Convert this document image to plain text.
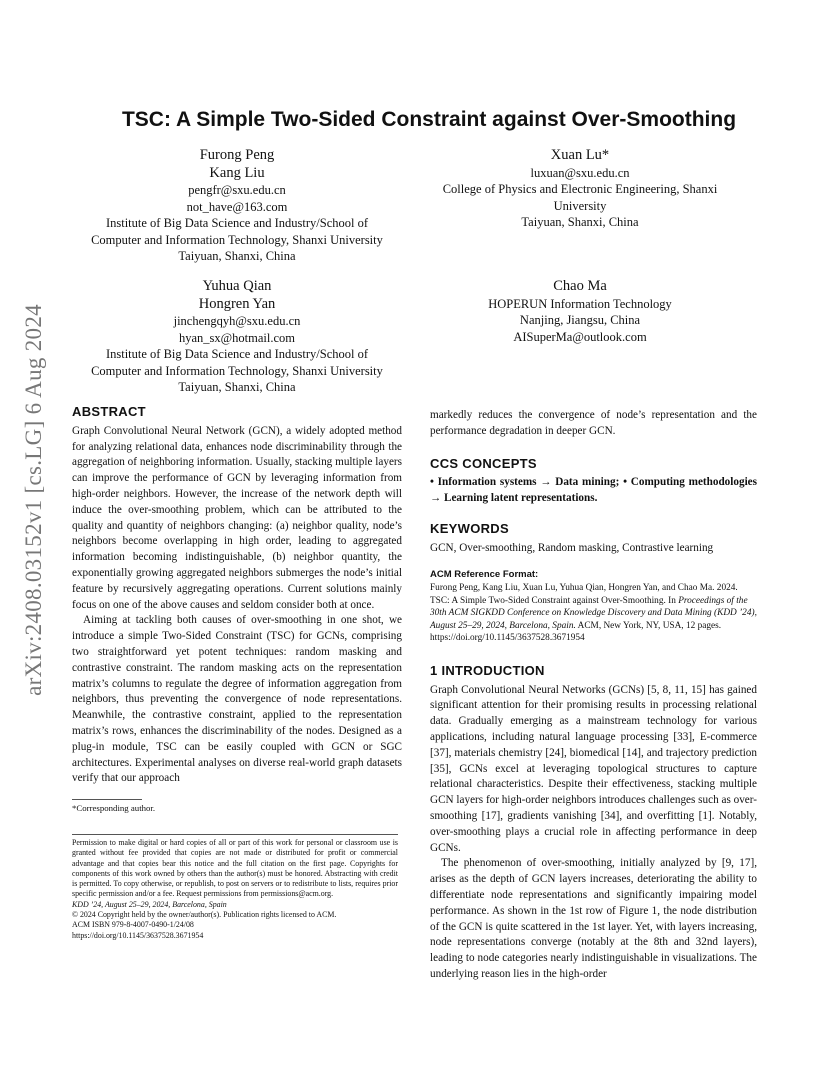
arXiv:2408.03152v1 [cs.LG] 6 Aug 2024
TSC: A Simple Two-Sided Constraint against Over-Smoothing
Furong Peng
Kang Liu
pengfr@sxu.edu.cn
not_have@163.com
Institute of Big Data Science and Industry/School of
Computer and Information Technology, Shanxi University
Taiyuan, Shanxi, China
Xuan Lu*
luxuan@sxu.edu.cn
College of Physics and Electronic Engineering, Shanxi
University
Taiyuan, Shanxi, China
Yuhua Qian
Hongren Yan
jinchengqyh@sxu.edu.cn
hyan_sx@hotmail.com
Institute of Big Data Science and Industry/School of
Computer and Information Technology, Shanxi University
Taiyuan, Shanxi, China
Chao Ma
HOPERUN Information Technology
Nanjing, Jiangsu, China
AISuperMa@outlook.com
ABSTRACT

Graph Convolutional Neural Network (GCN), a widely adopted method for analyzing relational data, enhances node discriminability through the aggregation of neighboring information. Usually, stacking multiple layers can improve the performance of GCN by leveraging information from high-order neighbors. However, the increase of the network depth will induce the over-smoothing problem, which can be attributed to the quality and quantity of neighbors changing: (a) neighbor quality, node’s neighbors become overlapping in high order, leading to aggregated information becoming indistinguishable, (b) neighbor quantity, the exponentially growing aggregated neighbors submerges the node’s initial feature by recursively aggregating operations. Current solutions mainly focus on one of the above causes and seldom consider both at once.

Aiming at tackling both causes of over-smoothing in one shot, we introduce a simple Two-Sided Constraint (TSC) for GCNs, comprising two straightforward yet potent techniques: random masking and contrastive constraint. The random masking acts on the representation matrix’s columns to regulate the degree of information aggregation from neighbors, thus preventing the convergence of node representations. Meanwhile, the contrastive constraint, applied to the representation matrix’s rows, enhances the discriminability of the nodes. Designed as a plug-in module, TSC can be easily coupled with GCN or SGC architectures. Experimental analyses on diverse real-world graph datasets verify that our approach

*Corresponding author.

Permission to make digital or hard copies of all or part of this work for personal or classroom use is granted without fee provided that copies are not made or distributed for profit or commercial advantage and that copies bear this notice and the full citation on the first page. Copyrights for components of this work owned by others than the author(s) must be honored. Abstracting with credit is permitted. To copy otherwise, or republish, to post on servers or to redistribute to lists, requires prior specific permission and/or a fee. Request permissions from permissions@acm.org.

KDD ’24, August 25–29, 2024, Barcelona, Spain
© 2024 Copyright held by the owner/author(s). Publication rights licensed to ACM.
ACM ISBN 979-8-4007-0490-1/24/08
https://doi.org/10.1145/3637528.3671954

markedly reduces the convergence of node’s representation and the performance degradation in deeper GCN.

CCS CONCEPTS

• Information systems → Data mining; • Computing methodologies → Learning latent representations.

KEYWORDS

GCN, Over-smoothing, Random masking, Contrastive learning

ACM Reference Format:
Furong Peng, Kang Liu, Xuan Lu, Yuhua Qian, Hongren Yan, and Chao Ma. 2024. TSC: A Simple Two-Sided Constraint against Over-Smoothing. In Proceedings of the 30th ACM SIGKDD Conference on Knowledge Discovery and Data Mining (KDD ’24), August 25–29, 2024, Barcelona, Spain. ACM, New York, NY, USA, 12 pages. https://doi.org/10.1145/3637528.3671954
1 INTRODUCTION

Graph Convolutional Neural Networks (GCNs) [5, 8, 11, 15] has gained significant attention for their promising results in processing relational data. Gradually emerging as a mainstream technology for various applications, including natural language processing [33], E-commerce [37], materials chemistry [24], biomedical [14], and trajectory prediction [35], GCNs excel at leveraging topological structures to capture relational characteristics. Despite their effectiveness, stacking multiple GCN layers for high-order neighbors introduces challenges such as over-smoothing [17], gradients vanishing [34], and overfitting [1]. Notably, over-smoothing plays a crucial role in affecting performance in deep GCNs.

The phenomenon of over-smoothing, initially analyzed by [9, 17], arises as the depth of GCN layers increases, deteriorating the ability to differentiate node representations and significantly impairing model performance. As shown in the 1st row of Figure 1, the node distribution of the GCN is quite scattered in the 1st layer. Yet, with layers increasing, node representations converge (notably at the 8th and 32nd layers), leading to node categories nearly indistinguishable in visualizations. The underlying reason lies in the high-order
